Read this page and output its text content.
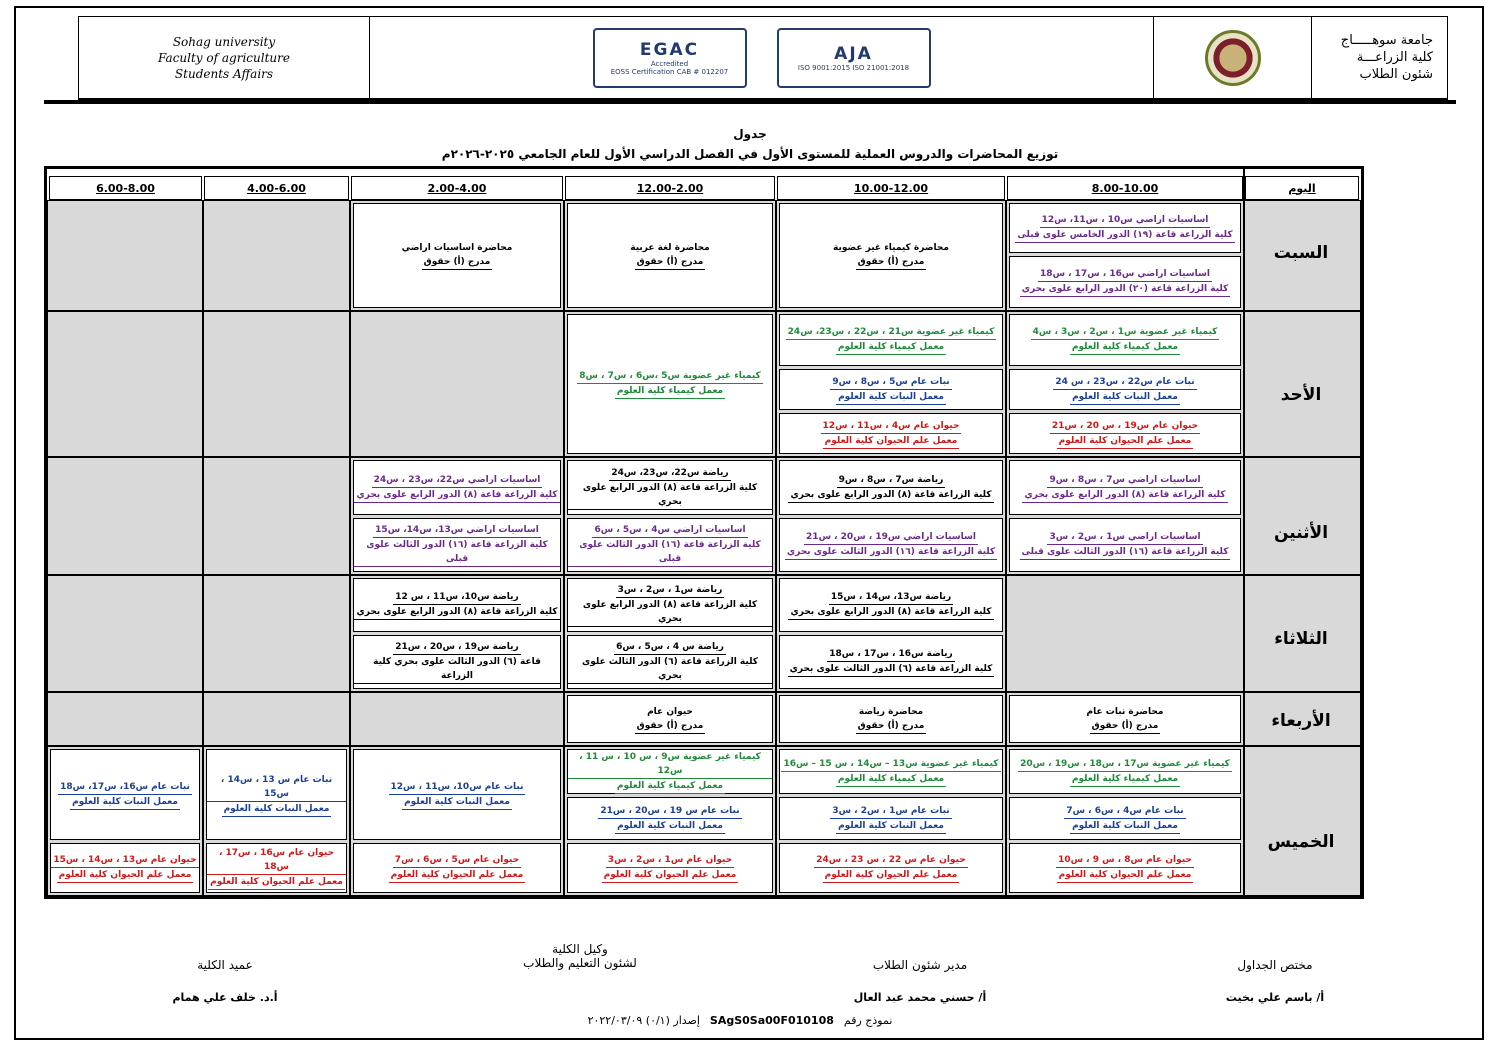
Sohag university
Faculty of agriculture
Students Affairs
EGAC
Accredited
EOSS Certification CAB # 012207
AJA
ISO 9001:2015 ISO 21001:2018
جامعة سوهـــــاج
كلية الزراعـــة
شئون الطلاب
جدول
توزيع المحاضرات والدروس العملية للمستوى الأول في الفصل الدراسي الأول للعام الجامعي ٢٠٢٥-٢٠٢٦م
اليوم
8.00-10.00
10.00-12.00
12.00-2.00
2.00-4.00
4.00-6.00
6.00-8.00
السبت
الأحد
الأثنين
الثلاثاء
الأربعاء
الخميس
اساسيات اراضي س10 ، س11، س12
كلية الزراعة قاعة (١٩) الدور الخامس علوى قبلى
اساسيات اراضي س16 ، س17 ، س18
كلية الزراعة قاعة (٢٠) الدور الرابع علوى بحري
محاضرة كيمياء غير عضوية
مدرج (أ) حقوق
محاضرة لغة عربية
مدرج (أ) حقوق
محاضرة اساسيات اراضي
مدرج (أ) حقوق
كيمياء غير عضوية س1 ، س2 ، س3 ، س4
معمل كيمياء كلية العلوم
نبات عام س22 ، س23 ، س 24
معمل النبات كلية العلوم
حيوان عام س19 ، س 20 ، س21
معمل علم الحيوان كلية العلوم
كيمياء غير عضوية س21 ، س22 ، س23، س24
معمل كيمياء كلية العلوم
نبات عام س5 ، س8 ، س9
معمل النبات كلية العلوم
حيوان عام س4 ، س11 ، س12
معمل علم الحيوان كلية العلوم
كيمياء غير عضوية س5 ،س6 ، س7 ، س8
معمل كيمياء كلية العلوم
اساسيات اراضي س7 ، س8 ، س9
كلية الزراعة قاعة (٨) الدور الرابع علوى بحري
اساسيات اراضي س1 ، س2 ، س3
كلية الزراعة قاعة (١٦) الدور الثالث علوى قبلى
رياضة س7 ، س8 ، س9
كلية الزراعة قاعة (٨) الدور الرابع علوى بحري
اساسيات اراضي س19 ، س20 ، س21
كلية الزراعة قاعة (١٦) الدور الثالث علوى بحري
رياضة س22، س23، س24
كلية الزراعة قاعة (٨) الدور الرابع علوى بحري
اساسيات اراضي س4 ، س5 ، س6
كلية الزراعة قاعة (١٦) الدور الثالث علوى قبلى
اساسيات اراضي س22، س23 ، س24
كلية الزراعة قاعة (٨) الدور الرابع علوى بحري
اساسيات اراضي س13، س14، س15
كلية الزراعة قاعة (١٦) الدور الثالث علوى قبلى
رياضة س13، س14 ، س15
كلية الزراعة قاعة (٨) الدور الرابع علوى بحري
رياضة س16 ، س17 ، س18
كلية الزراعة قاعة (٦) الدور الثالث علوى بحري
رياضة س1 ، س2 ، س3
كلية الزراعة قاعة (٨) الدور الرابع علوى بحري
رياضة س 4 ، س5 ، س6
كلية الزراعة قاعة (٦) الدور الثالث علوى بحري
رياضة س10، س11 ، س 12
كلية الزراعة قاعة (٨) الدور الرابع علوى بحري
رياضة س19 ، س20 ، س21
قاعة (٦) الدور الثالث علوى بحري كلية الزراعة
محاضرة نبات عام
مدرج (أ) حقوق
محاضرة رياضة
مدرج (أ) حقوق
حيوان عام
مدرج (أ) حقوق
كيمياء غير عضوية س17 ، س18 ، س19 ، س20
معمل كيمياء كلية العلوم
نبات عام س4 ، س6 ، س7
معمل النبات كلية العلوم
حيوان عام س8 ، س 9 ، س10
معمل علم الحيوان كلية العلوم
كيمياء غير عضوية س13 – س14 ، س 15 – س16
معمل كيمياء كلية العلوم
نبات عام س1 ، س2 ، س3
معمل النبات كلية العلوم
حيوان عام س 22 ، س 23 ، س24
معمل علم الحيوان كلية العلوم
كيمياء غير عضوية س9 ، س 10 ، س 11 ، س12
معمل كيمياء كلية العلوم
نبات عام س 19 ، س20 ، س21
معمل النبات كلية العلوم
حيوان عام س1 ، س2 ، س3
معمل علم الحيوان كلية العلوم
نبات عام س10، س11 ، س12
معمل النبات كلية العلوم
حيوان عام س5 ، س6 ، س7
معمل علم الحيوان كلية العلوم
نبات عام س 13 ، س14 ، س15
معمل النبات كلية العلوم
حيوان عام س16 ، س17 ، س18
معمل علم الحيوان كلية العلوم
نبات عام س16، س17، س18
معمل النبات كلية العلوم
حيوان عام س13 ، س14 ، س15
معمل علم الحيوان كلية العلوم
مختص الجداول
أ/ باسم علي بخيت
مدير شئون الطلاب
أ/ حسني محمد عبد العال
وكيل الكلية
لشئون التعليم والطلاب
عميد الكلية
أ.د. خلف علي همام
إصدار (٠/١) ٢٠٢٢/٠٣/٠٩ SAgS0Sa00F010108 نموذج رقم
